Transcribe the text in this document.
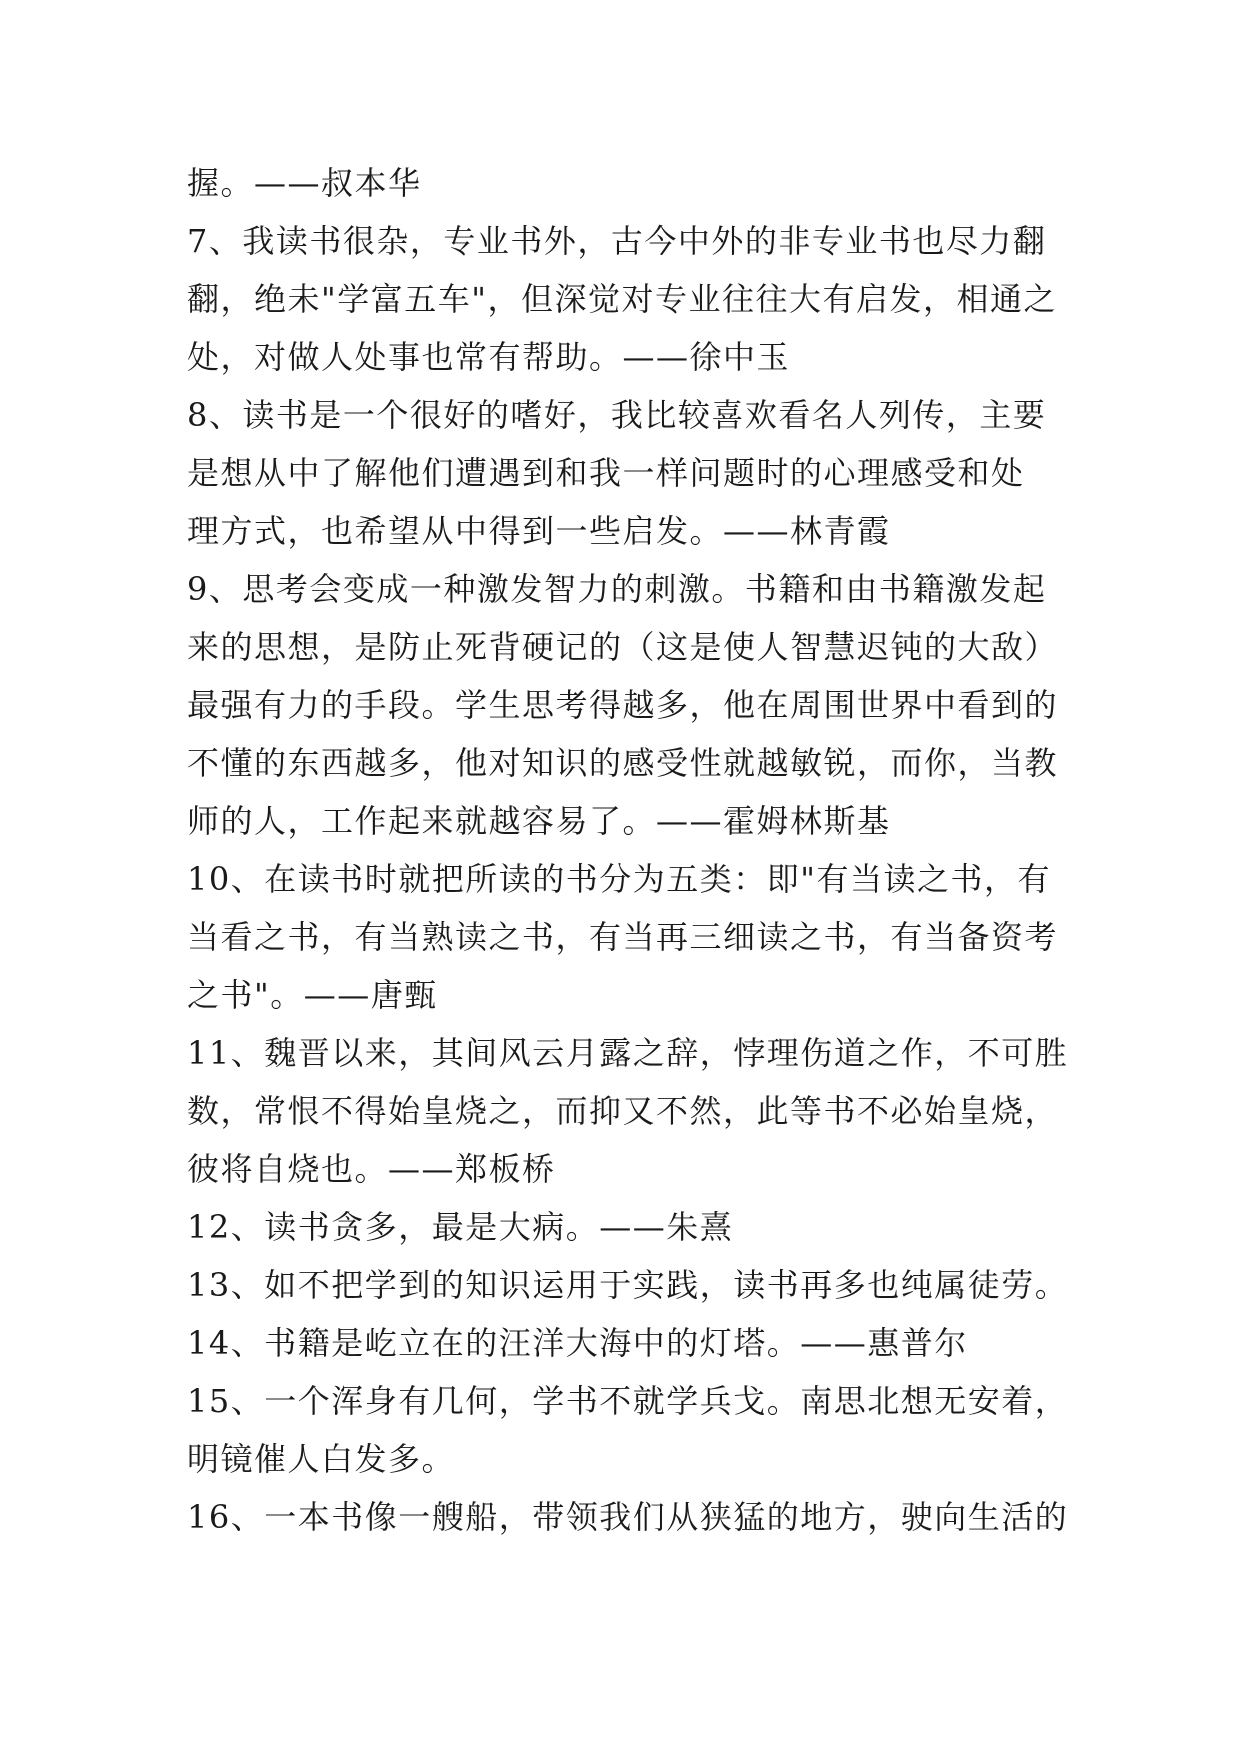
握。——叔本华
7、我读书很杂，专业书外，古今中外的非专业书也尽力翻
翻，绝未"学富五车"，但深觉对专业往往大有启发，相通之
处，对做人处事也常有帮助。——徐中玉
8、读书是一个很好的嗜好，我比较喜欢看名人列传，主要
是想从中了解他们遭遇到和我一样问题时的心理感受和处
理方式，也希望从中得到一些启发。——林青霞
9、思考会变成一种激发智力的刺激。书籍和由书籍激发起
来的思想，是防止死背硬记的（这是使人智慧迟钝的大敌）
最强有力的手段。学生思考得越多，他在周围世界中看到的
不懂的东西越多，他对知识的感受性就越敏锐，而你，当教
师的人，工作起来就越容易了。——霍姆林斯基
10、在读书时就把所读的书分为五类：即"有当读之书，有
当看之书，有当熟读之书，有当再三细读之书，有当备资考
之书"。——唐甄
11、魏晋以来，其间风云月露之辞，悖理伤道之作，不可胜
数，常恨不得始皇烧之，而抑又不然，此等书不必始皇烧，
彼将自烧也。——郑板桥
12、读书贪多，最是大病。——朱熹
13、如不把学到的知识运用于实践，读书再多也纯属徒劳。
14、书籍是屹立在的汪洋大海中的灯塔。——惠普尔
15、一个浑身有几何，学书不就学兵戈。南思北想无安着，
明镜催人白发多。
16、一本书像一艘船，带领我们从狭猛的地方，驶向生活的
